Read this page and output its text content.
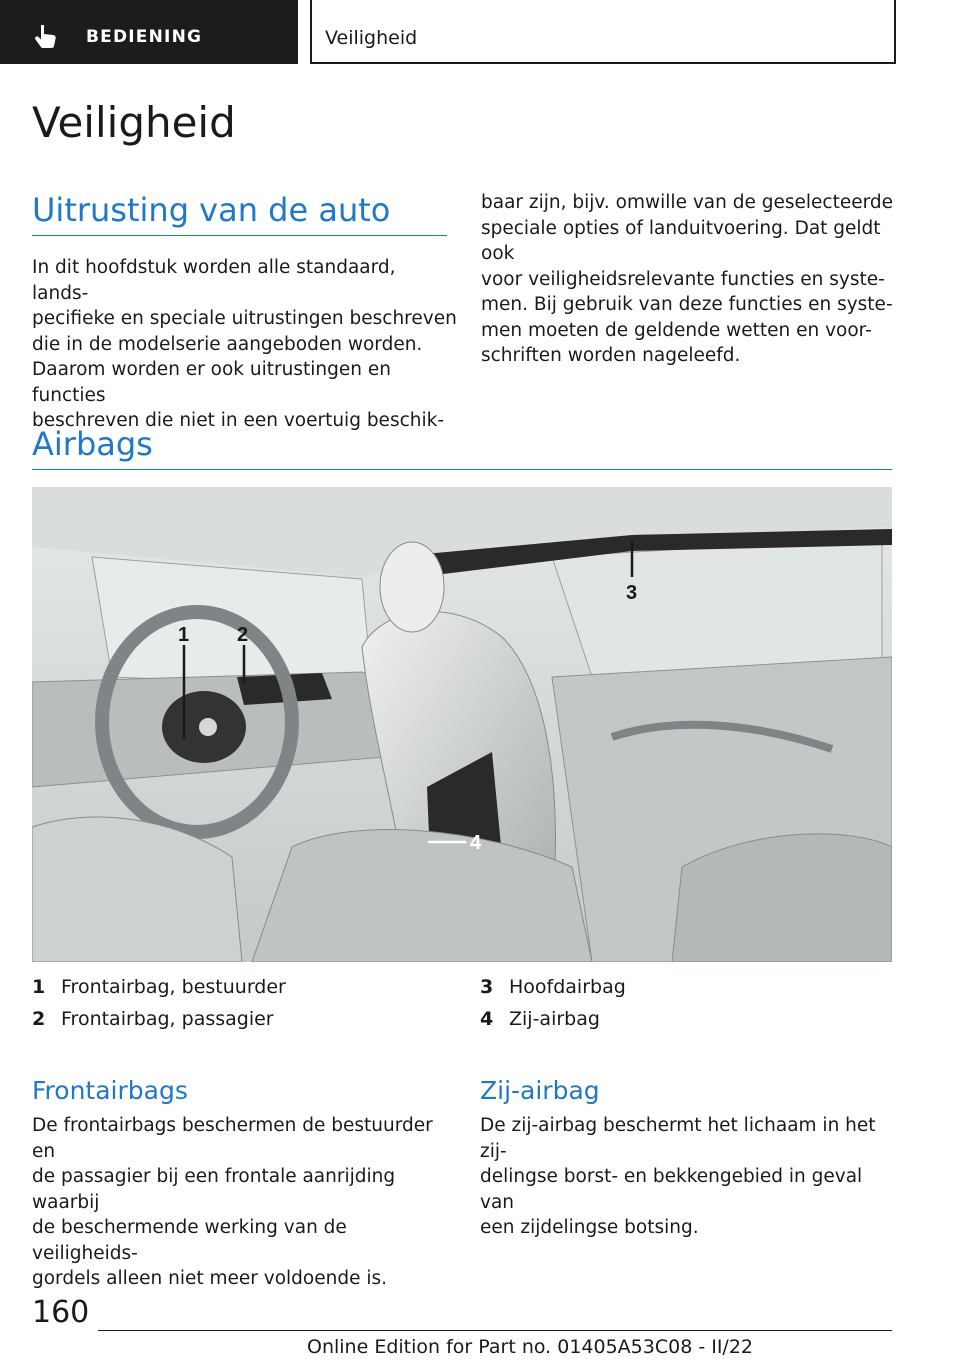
BEDIENING	Veiligheid
Veiligheid
Uitrusting van de auto

In dit hoofdstuk worden alle standaard, lands-
pecifieke en speciale uitrustingen beschreven
die in de modelserie aangeboden worden.
Daarom worden er ook uitrustingen en functies
beschreven die niet in een voertuig beschik-

baar zijn, bijv. omwille van de geselecteerde
speciale opties of landuitvoering. Dat geldt ook
voor veiligheidsrelevante functies en syste-
men. Bij gebruik van deze functies en syste-
men moeten de geldende wetten en voor-
schriften worden nageleefd.

Airbags
1 2
3
4
1 Frontairbag, bestuurder
2 Frontairbag, passagier
3 Hoofdairbag
4 Zij-airbag
Frontairbags

De frontairbags beschermen de bestuurder en
de passagier bij een frontale aanrijding waarbij
de beschermende werking van de veiligheids-
gordels alleen niet meer voldoende is.

Zij-airbag

De zij-airbag beschermt het lichaam in het zij-
delingse borst- en bekkengebied in geval van
een zijdelingse botsing.

160
Online Edition for Part no. 01405A53C08 - II/22
